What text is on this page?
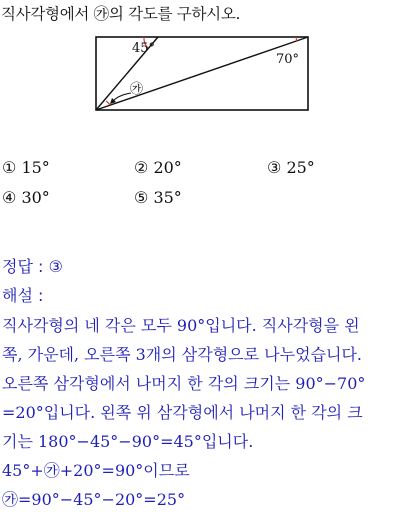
직사각형에서 ㉮의 각도를 구하시오.
45°
70°
㉮
① 15°	② 20°	③ 25°
④ 30°	⑤ 35°
정답 : ③
해설 :
직사각형의 네 각은 모두 90°입니다. 직사각형을 왼
쪽, 가운데, 오른쪽 3개의 삼각형으로 나누었습니다.
오른쪽 삼각형에서 나머지 한 각의 크기는 90°−70°
=20°입니다. 왼쪽 위 삼각형에서 나머지 한 각의 크
기는 180°−45°−90°=45°입니다.
45°+㉮+20°=90°이므로
㉮=90°−45°−20°=25°
